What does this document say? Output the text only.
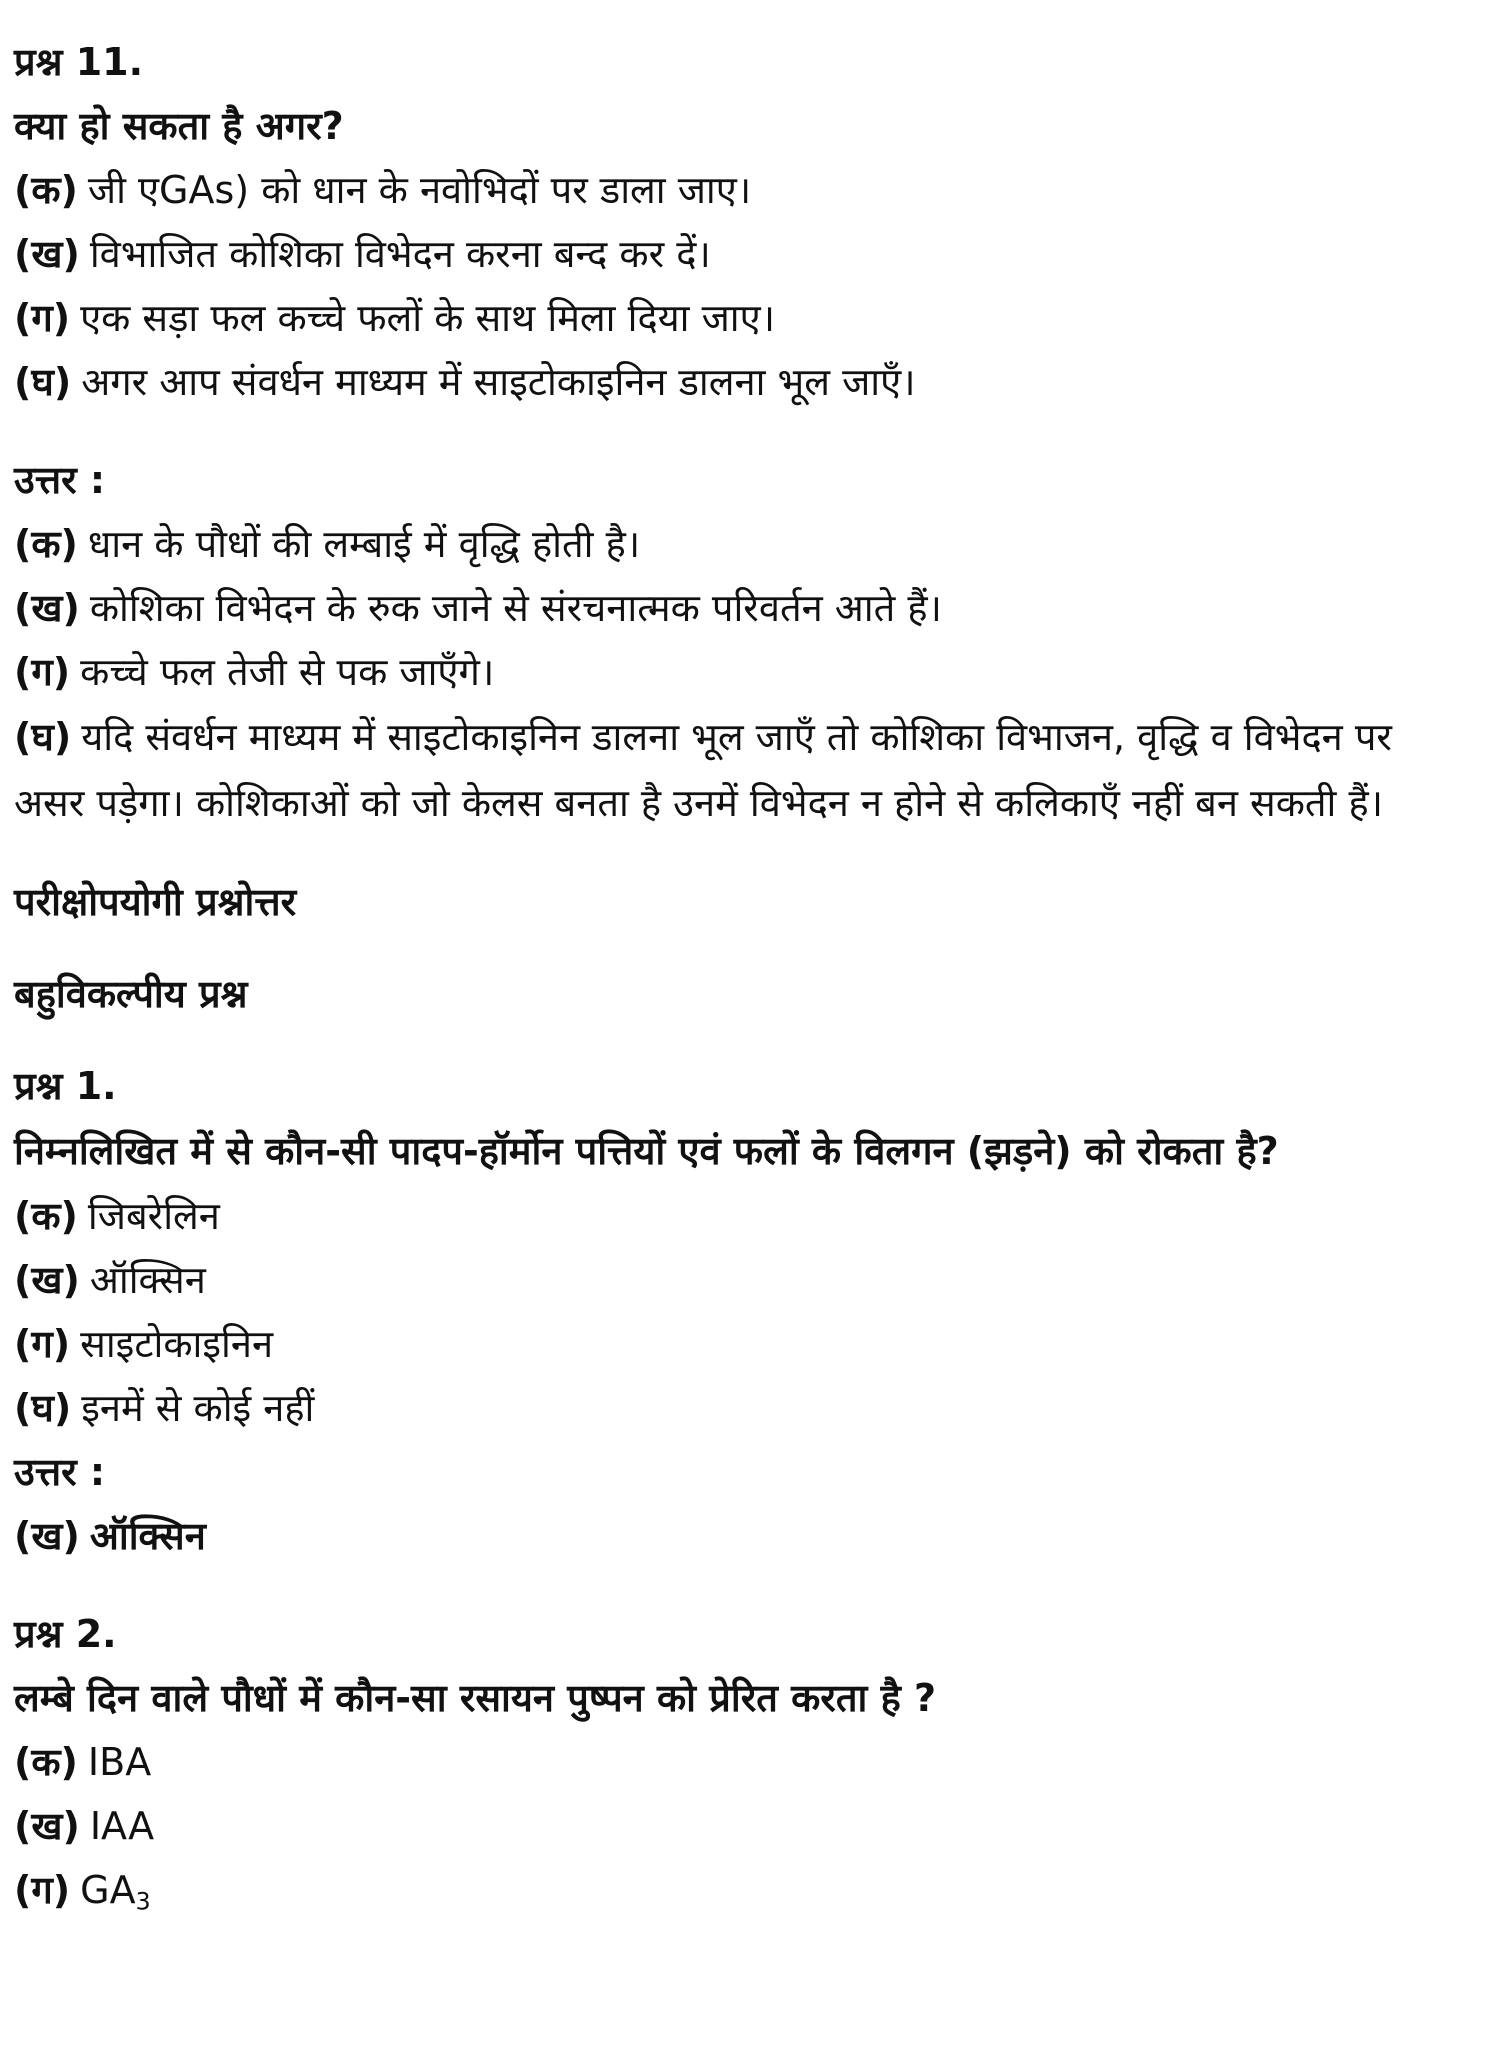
प्रश्न 11.

क्या हो सकता है अगर?

(क) जी एGAs) को धान के नवोभिदों पर डाला जाए।

(ख) विभाजित कोशिका विभेदन करना बन्द कर दें।

(ग) एक सड़ा फल कच्चे फलों के साथ मिला दिया जाए।

(घ) अगर आप संवर्धन माध्यम में साइटोकाइनिन डालना भूल जाएँ।

उत्तर :

(क) धान के पौधों की लम्बाई में वृद्धि होती है।

(ख) कोशिका विभेदन के रुक जाने से संरचनात्मक परिवर्तन आते हैं।

(ग) कच्चे फल तेजी से पक जाएँगे।

(घ) यदि संवर्धन माध्यम में साइटोकाइनिन डालना भूल जाएँ तो कोशिका विभाजन, वृद्धि व विभेदन पर असर पड़ेगा। कोशिकाओं को जो केलस बनता है उनमें विभेदन न होने से कलिकाएँ नहीं बन सकती हैं।

परीक्षोपयोगी प्रश्नोत्तर

बहुविकल्पीय प्रश्न

प्रश्न 1.

निम्नलिखित में से कौन-सी पादप-हॉर्मोन पत्तियों एवं फलों के विलगन (झड़ने) को रोकता है?

(क) जिबरेलिन

(ख) ऑक्सिन

(ग) साइटोकाइनिन

(घ) इनमें से कोई नहीं

उत्तर :

(ख) ऑक्सिन

प्रश्न 2.

लम्बे दिन वाले पौधों में कौन-सा रसायन पुष्पन को प्रेरित करता है ?

(क) IBA

(ख) IAA

(ग) $GA_3$
